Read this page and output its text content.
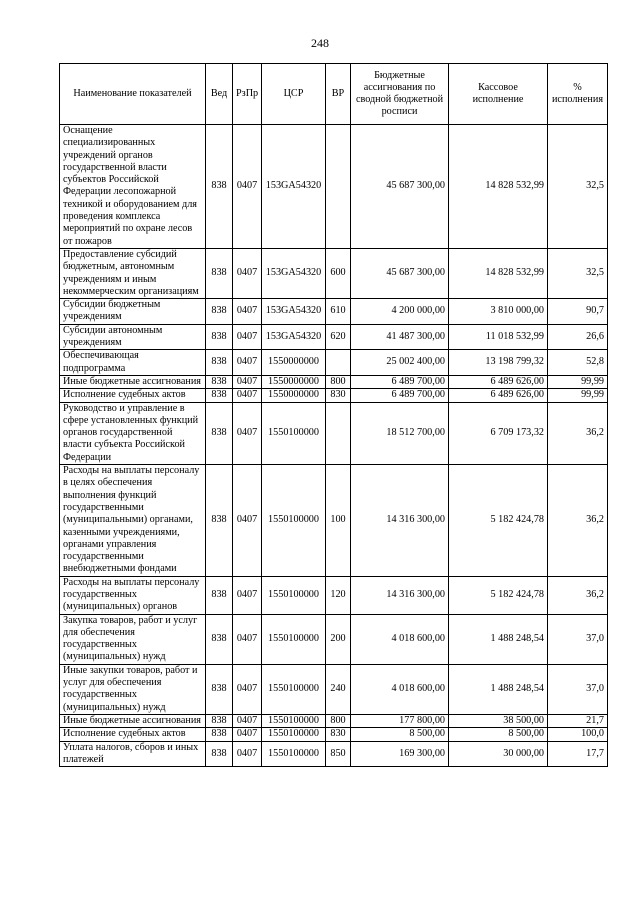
248
Наименование показателей	Вед	РзПр	ЦСР	ВР	Бюджетные ассигнования по сводной бюджетной росписи	Кассовое исполнение	% исполнения
Оснащение специализированных учреждений органов государственной власти субъектов Российской Федерации лесопожарной техникой и оборудованием для проведения комплекса мероприятий по охране лесов от пожаров	838	0407	153GA54320		45 687 300,00	14 828 532,99	32,5
Предоставление субсидий бюджетным, автономным учреждениям и иным некоммерческим организациям	838	0407	153GA54320	600	45 687 300,00	14 828 532,99	32,5
Субсидии бюджетным учреждениям	838	0407	153GA54320	610	4 200 000,00	3 810 000,00	90,7
Субсидии автономным учреждениям	838	0407	153GA54320	620	41 487 300,00	11 018 532,99	26,6
Обеспечивающая подпрограмма	838	0407	1550000000		25 002 400,00	13 198 799,32	52,8
Иные бюджетные ассигнования	838	0407	1550000000	800	6 489 700,00	6 489 626,00	99,99
Исполнение судебных актов	838	0407	1550000000	830	6 489 700,00	6 489 626,00	99,99
Руководство и управление в сфере установленных функций органов государственной власти субъекта Российской Федерации	838	0407	1550100000		18 512 700,00	6 709 173,32	36,2
Расходы на выплаты персоналу в целях обеспечения выполнения функций государственными (муниципальными) органами, казенными учреждениями, органами управления государственными внебюджетными фондами	838	0407	1550100000	100	14 316 300,00	5 182 424,78	36,2
Расходы на выплаты персоналу государственных (муниципальных) органов	838	0407	1550100000	120	14 316 300,00	5 182 424,78	36,2
Закупка товаров, работ и услуг для обеспечения государственных (муниципальных) нужд	838	0407	1550100000	200	4 018 600,00	1 488 248,54	37,0
Иные закупки товаров, работ и услуг для обеспечения государственных (муниципальных) нужд	838	0407	1550100000	240	4 018 600,00	1 488 248,54	37,0
Иные бюджетные ассигнования	838	0407	1550100000	800	177 800,00	38 500,00	21,7
Исполнение судебных актов	838	0407	1550100000	830	8 500,00	8 500,00	100,0
Уплата налогов, сборов и иных платежей	838	0407	1550100000	850	169 300,00	30 000,00	17,7
